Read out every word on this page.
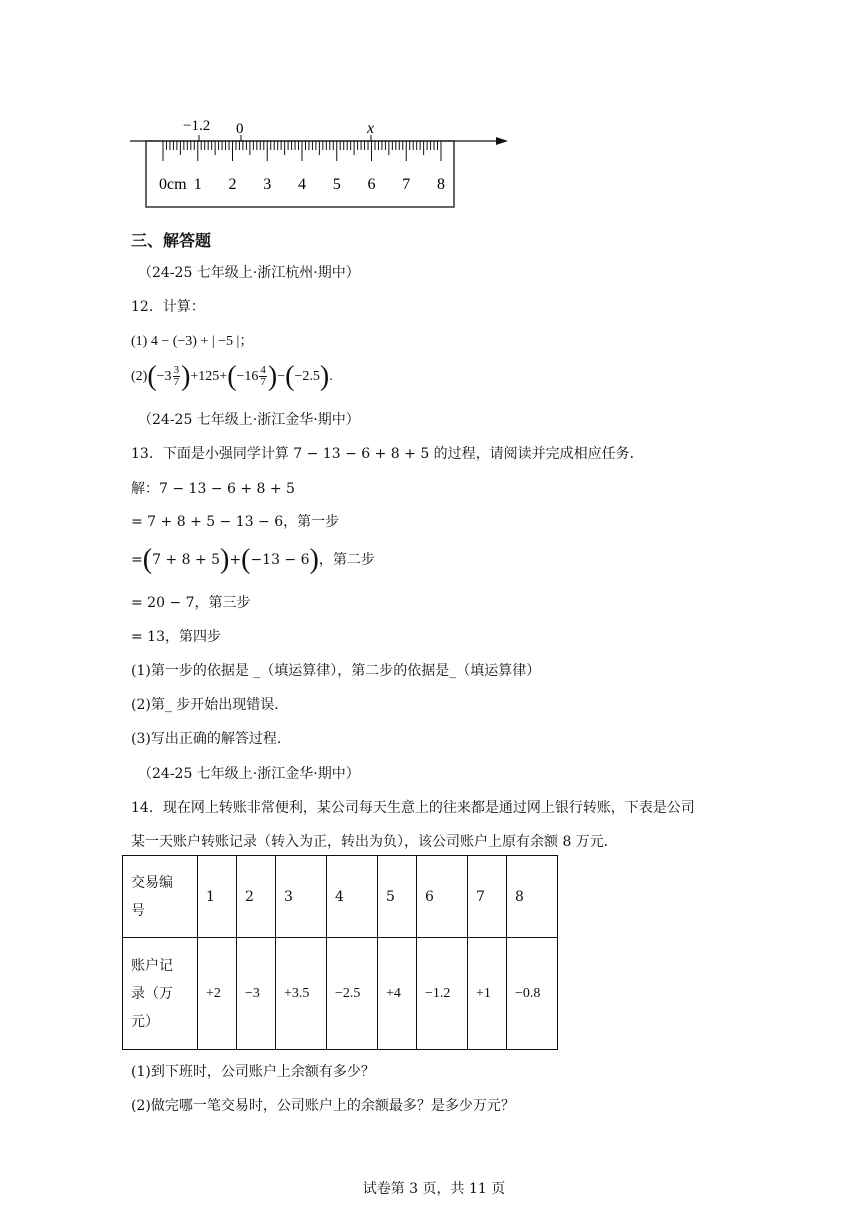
−1.2 0	x
0cm 1 2 3 4 5 6 7 8
三、解答题
（24-25 七年级上·浙江杭州·期中）
12．计算：
(1) 4 − (−3) + | −5 |；
$(2)(-3 \frac{3}{7} )+125+(-16 \frac{4}{7} )-(-2.5)$.
（24-25 七年级上·浙江金华·期中）
13．下面是小强同学计算 7 − 13 − 6 + 8 + 5 的过程，请阅读并完成相应任务．
解：7 − 13 − 6 + 8 + 5
= 7 + 8 + 5 − 13 − 6，第一步
=(7 + 8 + 5)+(−13 − 6)，第二步
= 20 − 7，第三步
= 13，第四步
(1)第一步的依据是 _（填运算律），第二步的依据是_（填运算律）
(2)第_ 步开始出现错误．
(3)写出正确的解答过程．
（24-25 七年级上·浙江金华·期中）
14．现在网上转账非常便利，某公司每天生意上的往来都是通过网上银行转账，下表是公司
某一天账户转账记录（转入为正，转出为负），该公司账户上原有余额 8 万元．
交易编
号	1	2	3	4	5	6	7	8

账户记
录（万
元）	+2	−3	+3.5	−2.5	+4	−1.2	+1	−0.8
(1)到下班时，公司账户上余额有多少？
(2)做完哪一笔交易时，公司账户上的余额最多？是多少万元？
试卷第 3 页，共 11 页
